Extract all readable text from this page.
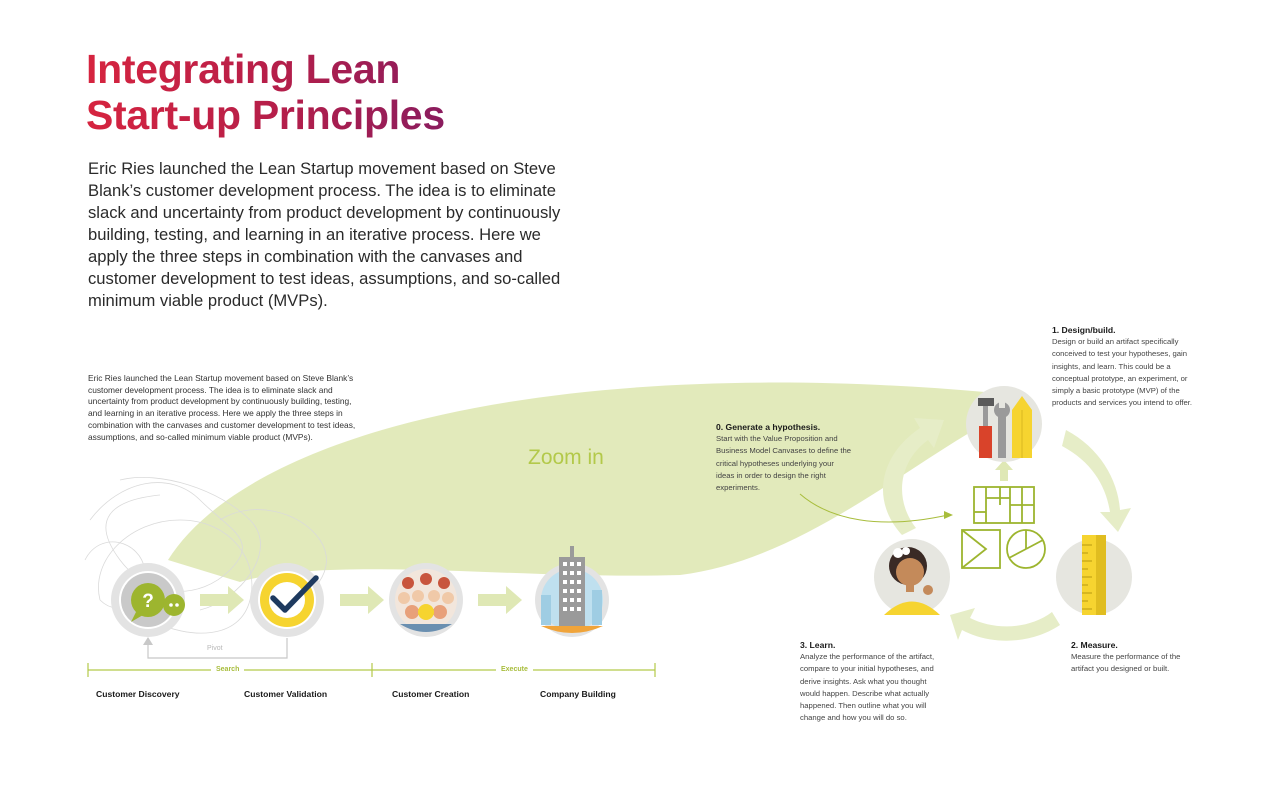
Integrating Lean
Start-up Principles

Eric Ries launched the Lean Startup movement based on Steve Blank’s customer development process. The idea is to eliminate slack and uncertainty from product development by continuously building, testing, and learning in an iterative process. Here we apply the three steps in combination with the canvases and customer development to test ideas, assumptions, and so-called minimum viable product (MVPs).

?

Eric Ries launched the Lean Startup movement based on Steve Blank’s customer development process. The idea is to eliminate slack and uncertainty from product development by continuously building, testing, and learning in an iterative process. Here we apply the three steps in combination with the canvases and customer development to test ideas, assumptions, and so-called minimum viable product (MVPs).

Zoom in
Pivot
Search	Execute
Customer Discovery	Customer Validation	Customer Creation	Company Building

0. Generate a hypothesis.

Start with the Value Proposition and Business Model Canvases to define the critical hypotheses underlying your ideas in order to design the right experiments.

1. Design/build.

Design or build an artifact specifically conceived to test your hypotheses, gain insights, and learn. This could be a conceptual prototype, an experiment, or simply a basic prototype (MVP) of the products and services you intend to offer.

2. Measure.

Measure the performance of the artifact you designed or built.

3. Learn.

Analyze the performance of the artifact, compare to your initial hypotheses, and derive insights. Ask what you thought would happen. Describe what actually happened. Then outline what you will change and how you will do so.
